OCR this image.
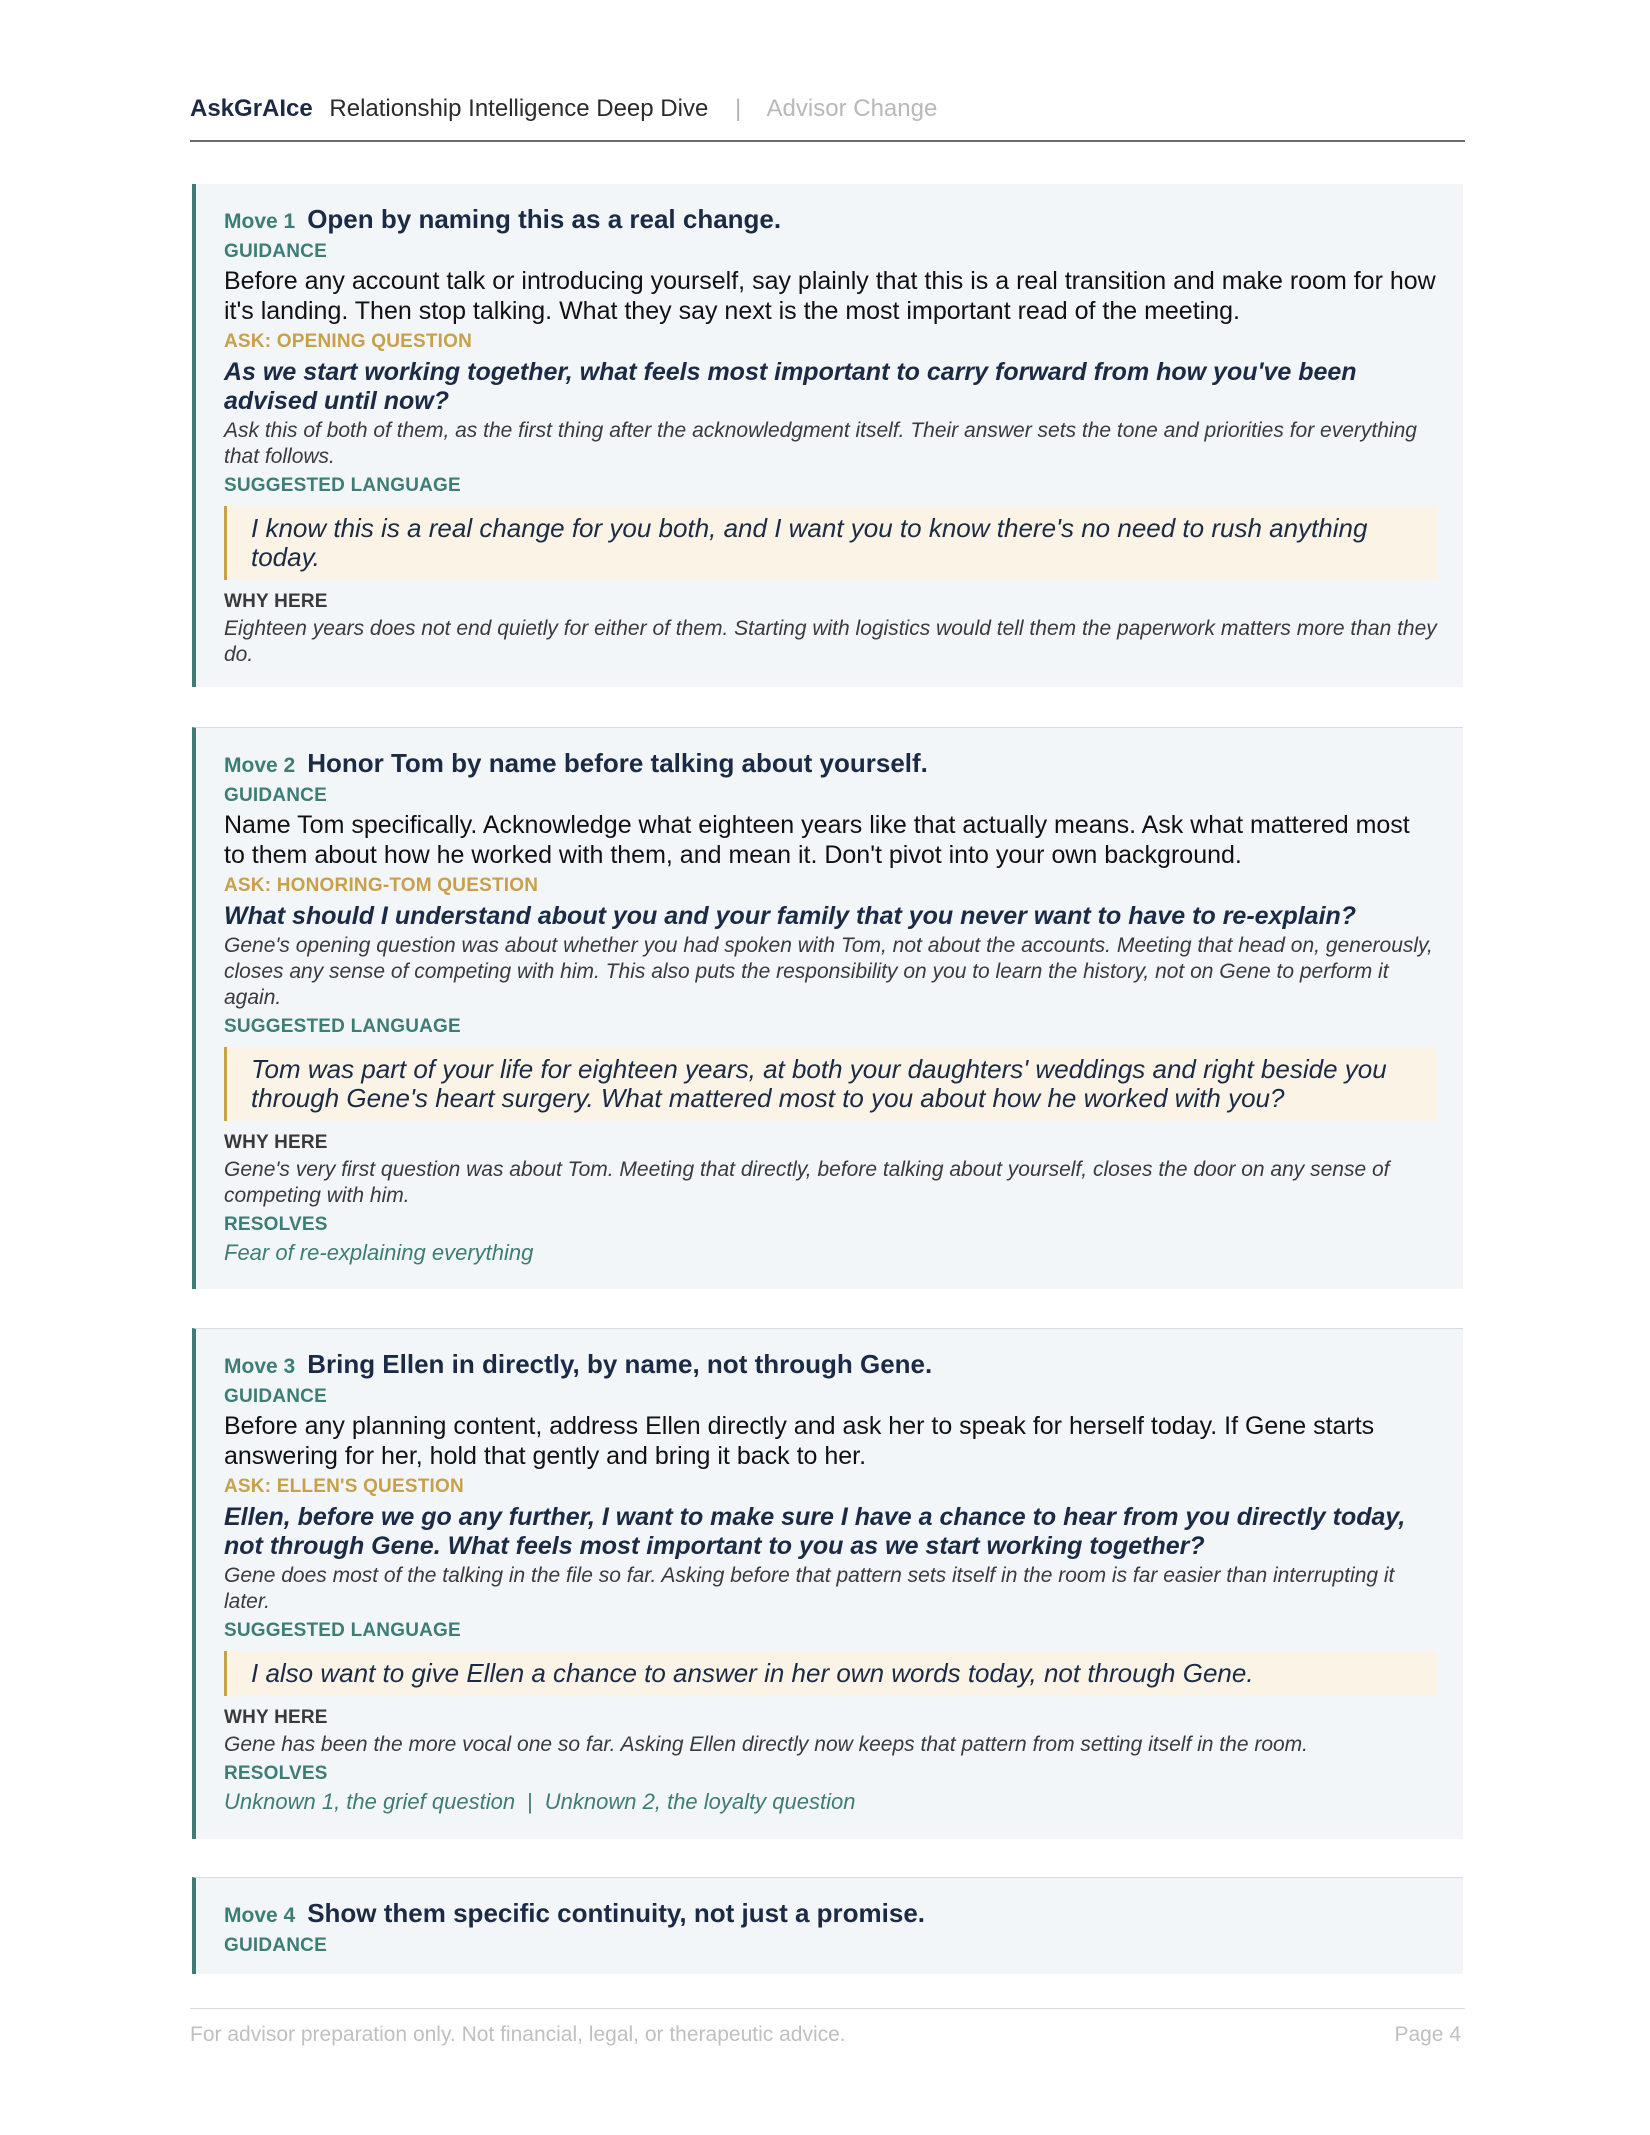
AskGrAIce Relationship Intelligence Deep Dive | Advisor Change
Move 1 Open by naming this as a real change.
GUIDANCE
Before any account talk or introducing yourself, say plainly that this is a real transition and make room for how it's landing. Then stop talking. What they say next is the most important read of the meeting.
ASK: OPENING QUESTION
As we start working together, what feels most important to carry forward from how you've been advised until now?
Ask this of both of them, as the first thing after the acknowledgment itself. Their answer sets the tone and priorities for everything that follows.
SUGGESTED LANGUAGE
I know this is a real change for you both, and I want you to know there's no need to rush anything today.
WHY HERE
Eighteen years does not end quietly for either of them. Starting with logistics would tell them the paperwork matters more than they do.
Move 2 Honor Tom by name before talking about yourself.
GUIDANCE
Name Tom specifically. Acknowledge what eighteen years like that actually means. Ask what mattered most to them about how he worked with them, and mean it. Don't pivot into your own background.
ASK: HONORING-TOM QUESTION
What should I understand about you and your family that you never want to have to re-explain?
Gene's opening question was about whether you had spoken with Tom, not about the accounts. Meeting that head on, generously, closes any sense of competing with him. This also puts the responsibility on you to learn the history, not on Gene to perform it again.
SUGGESTED LANGUAGE
Tom was part of your life for eighteen years, at both your daughters' weddings and right beside you through Gene's heart surgery. What mattered most to you about how he worked with you?
WHY HERE
Gene's very first question was about Tom. Meeting that directly, before talking about yourself, closes the door on any sense of competing with him.
RESOLVES
Fear of re-explaining everything
Move 3 Bring Ellen in directly, by name, not through Gene.
GUIDANCE
Before any planning content, address Ellen directly and ask her to speak for herself today. If Gene starts answering for her, hold that gently and bring it back to her.
ASK: ELLEN'S QUESTION
Ellen, before we go any further, I want to make sure I have a chance to hear from you directly today, not through Gene. What feels most important to you as we start working together?
Gene does most of the talking in the file so far. Asking before that pattern sets itself in the room is far easier than interrupting it later.
SUGGESTED LANGUAGE
I also want to give Ellen a chance to answer in her own words today, not through Gene.
WHY HERE
Gene has been the more vocal one so far. Asking Ellen directly now keeps that pattern from setting itself in the room.
RESOLVES
Unknown 1, the grief question | Unknown 2, the loyalty question
Move 4 Show them specific continuity, not just a promise.
GUIDANCE
For advisor preparation only. Not financial, legal, or therapeutic advice.	Page 4
